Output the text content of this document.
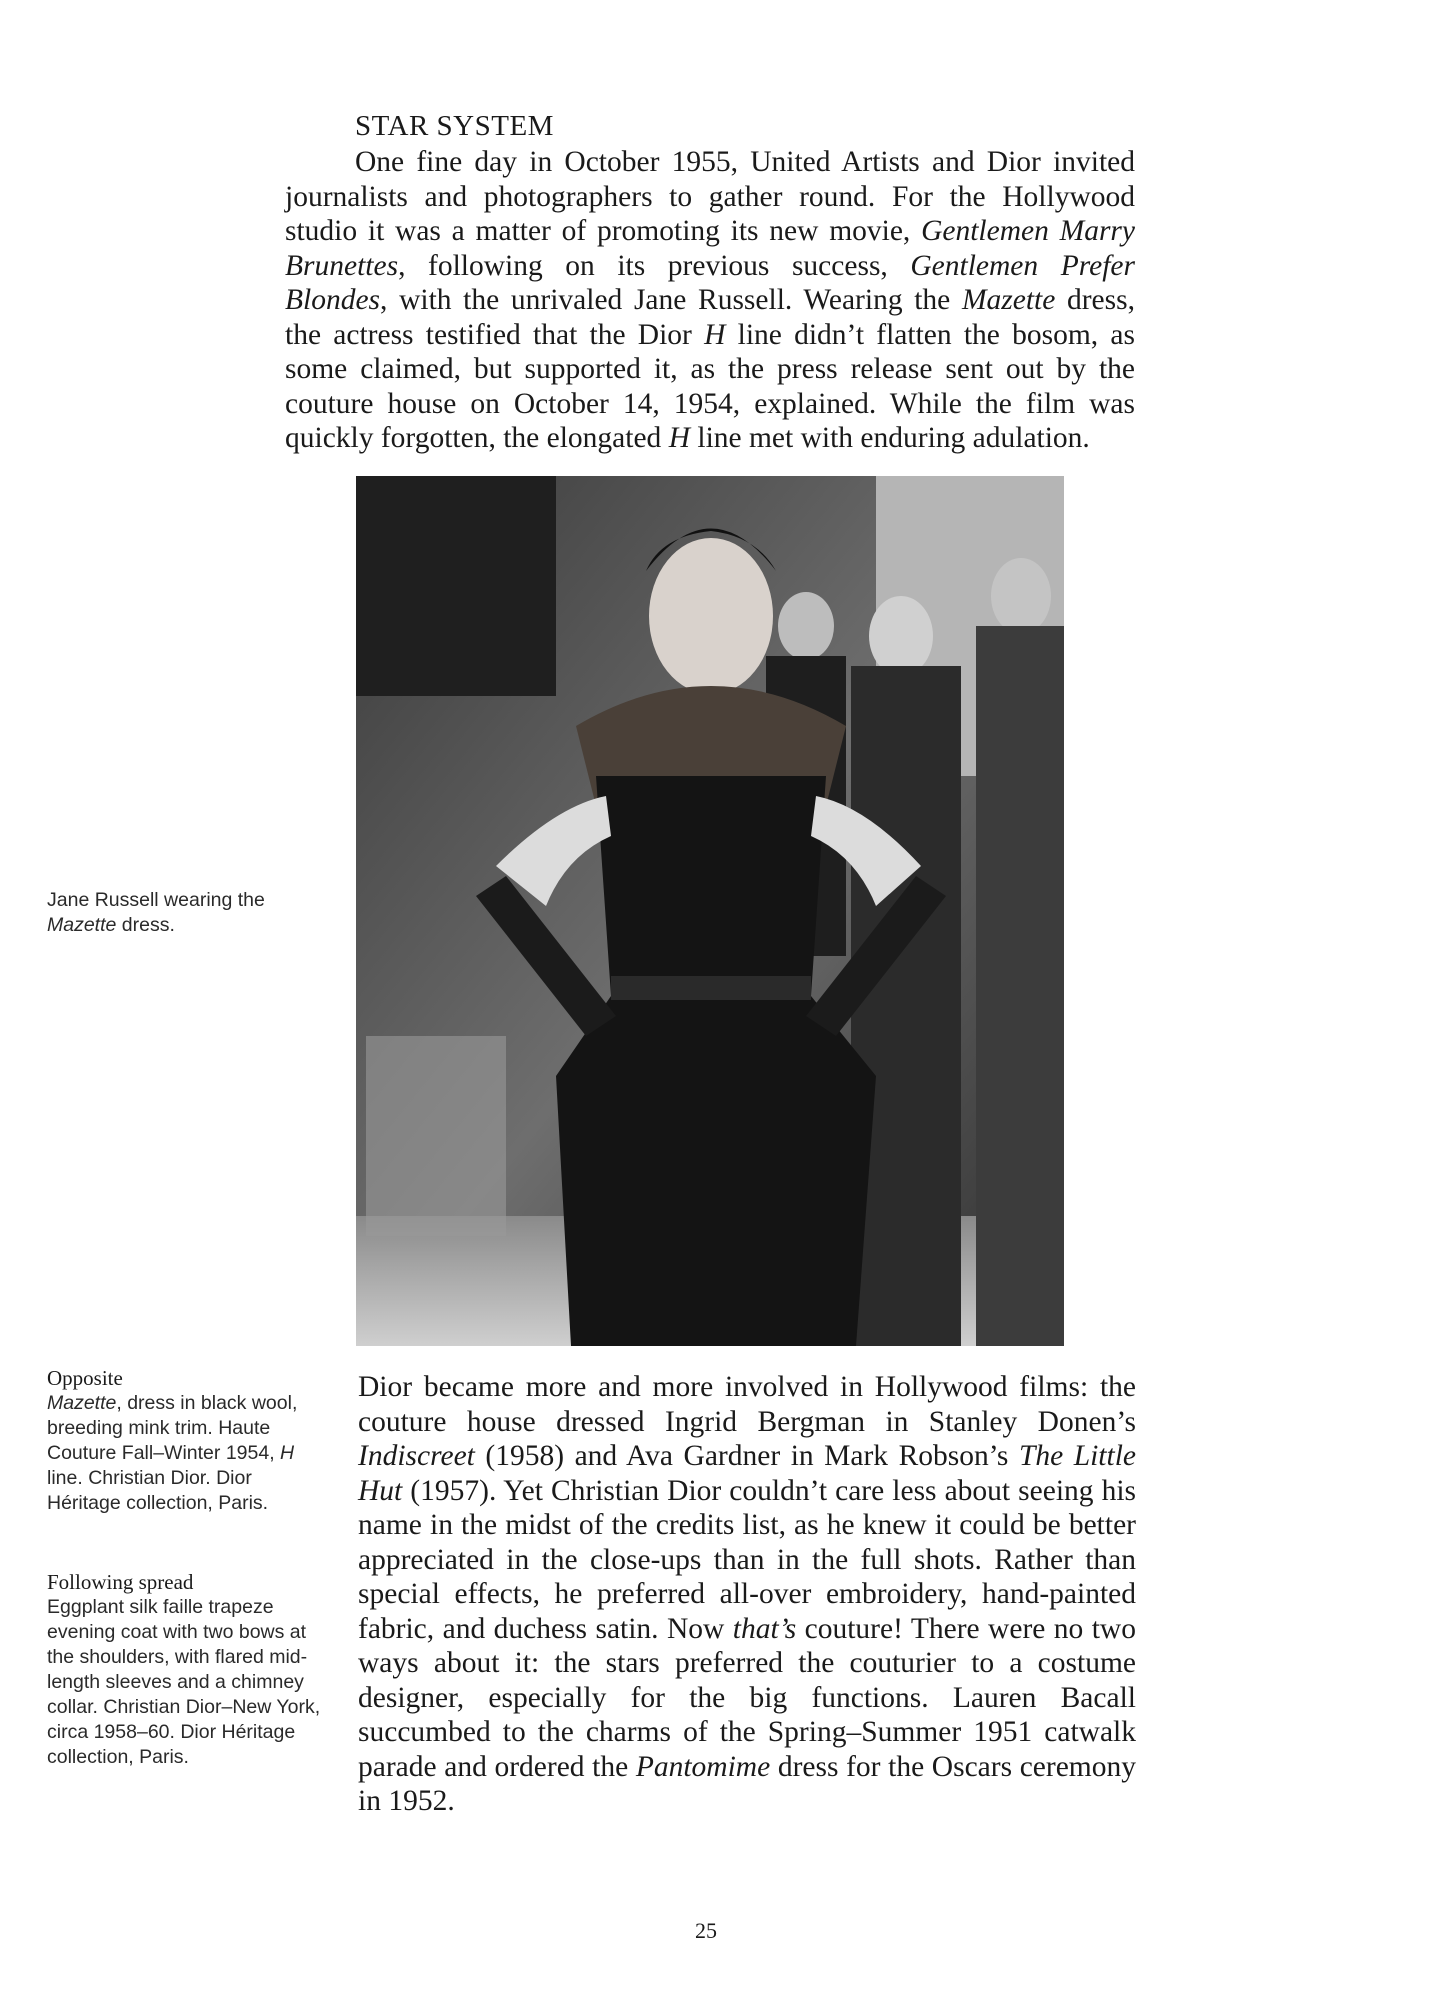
STAR SYSTEM

One fine day in October 1955, United Artists and Dior invited journalists and photographers to gather round. For the Hollywood studio it was a matter of promoting its new movie, Gentlemen Marry Brunettes, following on its previous success, Gentlemen Prefer Blondes, with the unrivaled Jane Russell. Wearing the Mazette dress, the actress testified that the Dior H line didn’t flatten the bosom, as some claimed, but supported it, as the press release sent out by the couture house on October 14, 1954, explained. While the film was quickly forgotten, the elongated H line met with enduring adulation.

Jane Russell wearing the Mazette dress.

Opposite
Mazette, dress in black wool, breeding mink trim. Haute Couture Fall–Winter 1954, H line. Christian Dior. Dior Héritage collection, Paris.
Following spread
Eggplant silk faille trapeze evening coat with two bows at the shoulders, with flared mid-length sleeves and a chimney collar. Christian Dior–New York, circa 1958–60. Dior Héritage collection, Paris.

Dior became more and more involved in Hollywood films: the couture house dressed Ingrid Bergman in Stanley Donen’s Indiscreet (1958) and Ava Gardner in Mark Robson’s The Little Hut (1957). Yet Christian Dior couldn’t care less about seeing his name in the midst of the credits list, as he knew it could be better appreciated in the close-ups than in the full shots. Rather than special effects, he preferred all-over embroidery, hand-painted fabric, and duchess satin. Now that’s couture! There were no two ways about it: the stars preferred the couturier to a costume designer, especially for the big functions. Lauren Bacall succumbed to the charms of the Spring–Summer 1951 catwalk parade and ordered the Pantomime dress for the Oscars ceremony in 1952.

25
